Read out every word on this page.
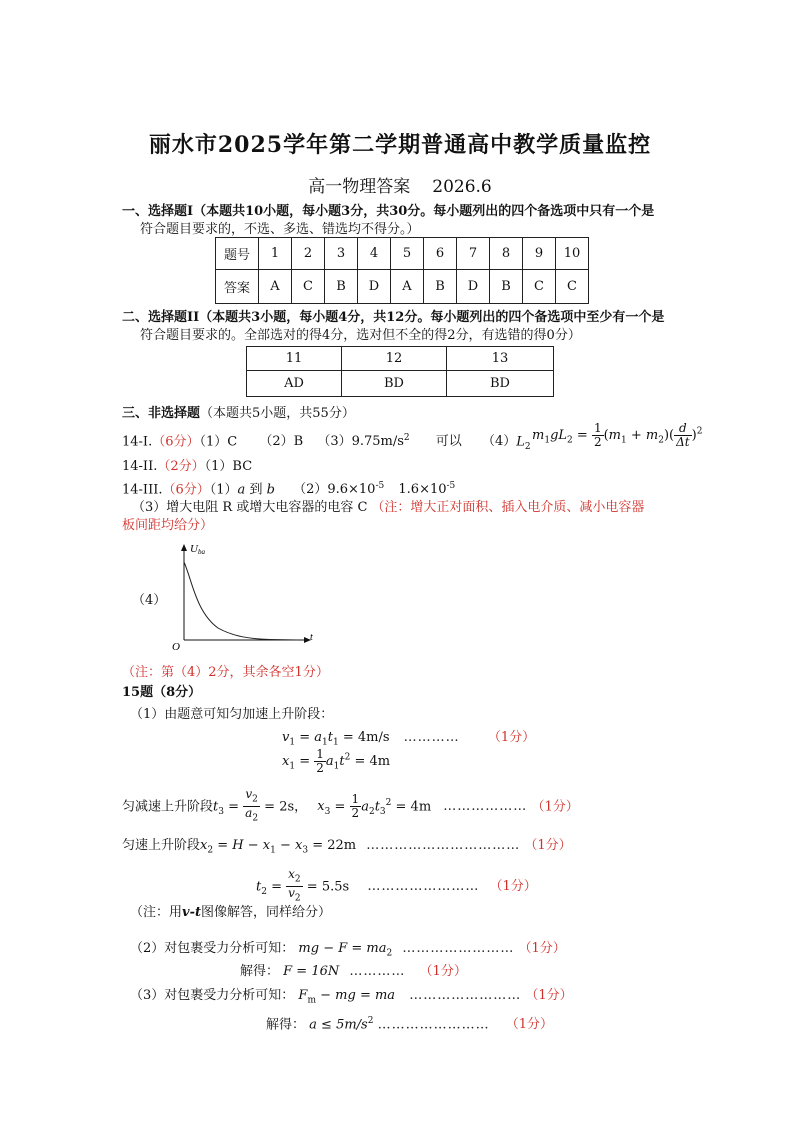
丽水市2025学年第二学期普通高中教学质量监控
高一物理答案 2026.6
一、选择题I（本题共10小题，每小题3分，共30分。每小题列出的四个备选项中只有一个是
符合题目要求的，不选、多选、错选均不得分。）
题号	1	2	3	4	5	6	7	8	9	10
答案	A	C	B	D	A	B	D	B	C	C
二、选择题II（本题共3小题，每小题4分，共12分。每小题列出的四个备选项中至少有一个是
符合题目要求的。全部选对的得4分，选对但不全的得2分，有选错的得0分）
11	12	13
AD	BD	BD
三、非选择题（本题共5小题，共55分）
14-I.（6分）（1）C （2）B $(3)9.75m/s^2$ 可以 $(4)L_2$
$m_1gL_2 = \frac{1}{2} (m_1 + m_2)( \frac{d}{\Delta t} )^2$
14-II.（2分）（1）BC
14-III.（6分）（1）a 到 b $(2)9.6\times 10^{-5}$ $1.6\times 10^{-5}$
（3）增大电阻 R 或增大电容器的电容 C （注：增大正对面积、插入电介质、减小电容器
板间距均给分）
（4）
U ba
O
t
（注：第（4）2分，其余各空1分）
15题（8分）
（1）由题意可知匀加速上升阶段：
$v_1 = a_1t_1 = 4m/s$ ………… （1分）
$x_1 = \frac{1}{2} a_1t^2 = 4m$
匀减速上升阶段$t_3 = \frac{v_2}{a_2} = 2s$， $x_3 = \frac{1}{2} a_2t_3^2 = 4m$ ……………… （1分）
匀速上升阶段$x_2 = H - x_1 - x_3 = 22m$ …………………………… （1分）
$t_2 = \frac{x_2}{v_2} = 5.5s$ …………………… （1分）
（注：用v-t图像解答，同样给分）
（2）对包裹受力分析可知： mg − $F = ma_2$ …………………… （1分）
解得： F = 16N ………… （1分）
（3）对包裹受力分析可知： $F_m$ − mg = ma …………………… （1分）
解得： $a \le 5m/s^2$ …………………… （1分）
